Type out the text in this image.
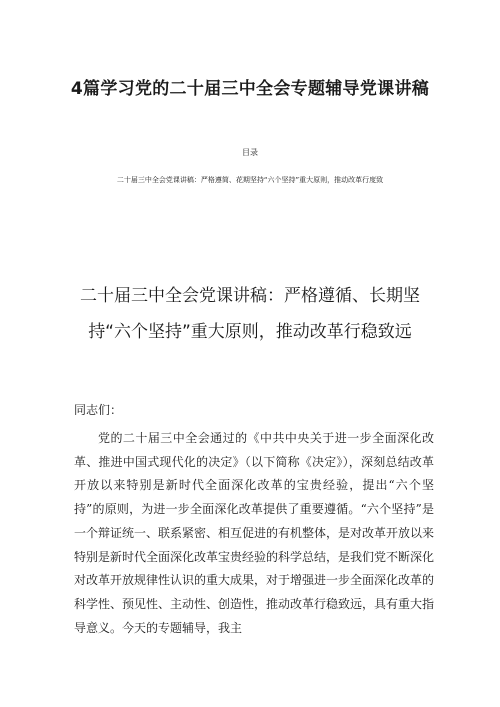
4篇学习党的二十届三中全会专题辅导党课讲稿
目录
二十届三中全会党课讲稿：严格遵简、花期坚持“六个坚持”重大原则，推动改革行度致
二十届三中全会党课讲稿：严格遵循、长期坚持“六个坚持”重大原则，推动改革行稳致远
同志们：
党的二十届三中全会通过的《中共中央关于进一步全面深化改革、推进中国式现代化的决定》（以下简称《决定》），深刻总结改革开放以来特别是新时代全面深化改革的宝贵经验，提出“六个坚持”的原则，为进一步全面深化改革提供了重要遵循。“六个坚持”是一个辩证统一、联系紧密、相互促进的有机整体，是对改革开放以来特别是新时代全面深化改革宝贵经验的科学总结，是我们党不断深化对改革开放规律性认识的重大成果，对于增强进一步全面深化改革的科学性、预见性、主动性、创造性，推动改革行稳致远，具有重大指导意义。今天的专题辅导，我主
